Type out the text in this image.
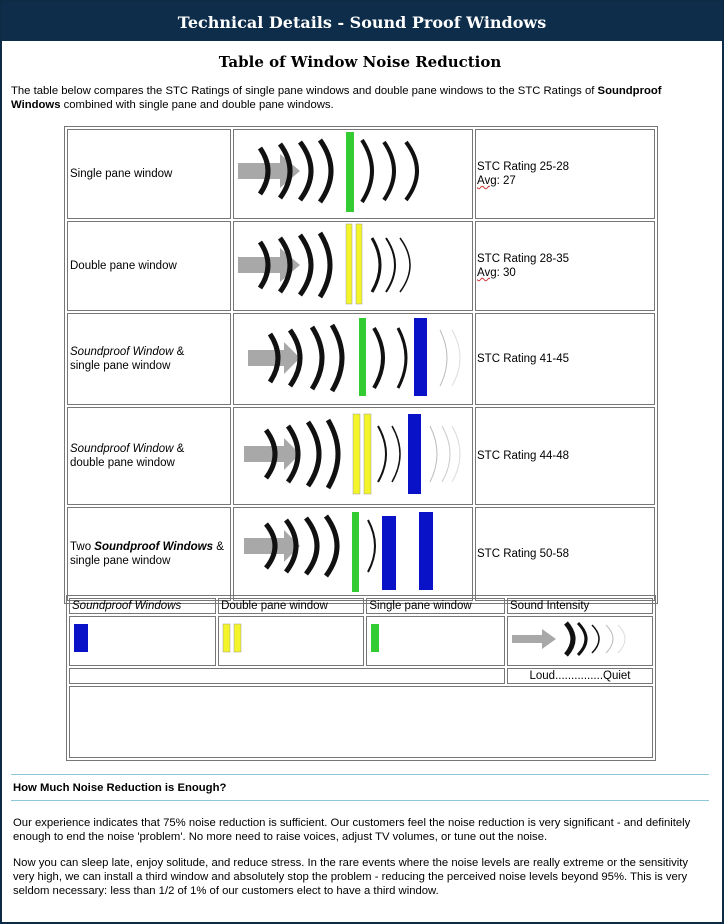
Technical Details - Sound Proof Windows
Table of Window Noise Reduction
The table below compares the STC Ratings of single pane windows and double pane windows to the STC Ratings of Soundproof Windows combined with single pane and double pane windows.
Single pane window		STC Rating 25-28
Avg: 27

Double pane window		STC Rating 28-35
Avg: 30

Soundproof Window &
single pane window		STC Rating 41-45

Soundproof Window &
double pane window		STC Rating 44-48

Two Soundproof Windows &
single pane window		STC Rating 50-58
Soundproof Windows	Double pane window	Single pane window	Sound Intensity

			Loud...............Quiet

How Much Noise Reduction is Enough?
Our experience indicates that 75% noise reduction is sufficient. Our customers feel the noise reduction is very significant - and definitely enough to end the noise 'problem'. No more need to raise voices, adjust TV volumes, or tune out the noise.
Now you can sleep late, enjoy solitude, and reduce stress. In the rare events where the noise levels are really extreme or the sensitivity very high, we can install a third window and absolutely stop the problem - reducing the perceived noise levels beyond 95%. This is very seldom necessary: less than 1/2 of 1% of our customers elect to have a third window.
